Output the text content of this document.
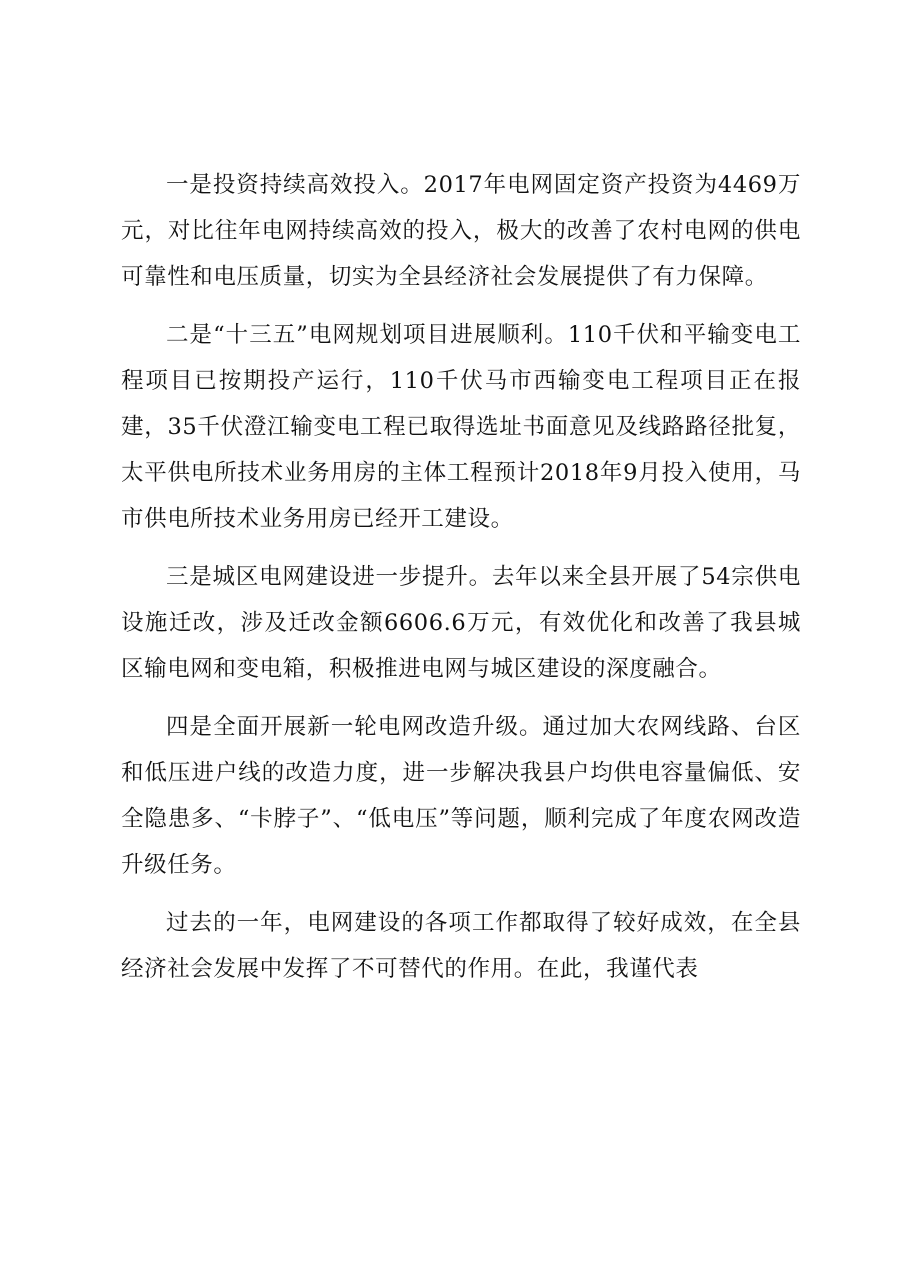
一是投资持续高效投入。2017年电网固定资产投资为4469万元，对比往年电网持续高效的投入，极大的改善了农村电网的供电可靠性和电压质量，切实为全县经济社会发展提供了有力保障。

二是“十三五”电网规划项目进展顺利。110千伏和平输变电工程项目已按期投产运行，110千伏马市西输变电工程项目正在报建，35千伏澄江输变电工程已取得选址书面意见及线路路径批复，太平供电所技术业务用房的主体工程预计2018年9月投入使用，马市供电所技术业务用房已经开工建设。

三是城区电网建设进一步提升。去年以来全县开展了54宗供电设施迁改，涉及迁改金额6606.6万元，有效优化和改善了我县城区输电网和变电箱，积极推进电网与城区建设的深度融合。

四是全面开展新一轮电网改造升级。通过加大农网线路、台区和低压进户线的改造力度，进一步解决我县户均供电容量偏低、安全隐患多、“卡脖子”、“低电压”等问题，顺利完成了年度农网改造升级任务。

过去的一年，电网建设的各项工作都取得了较好成效，在全县经济社会发展中发挥了不可替代的作用。在此，我谨代表
